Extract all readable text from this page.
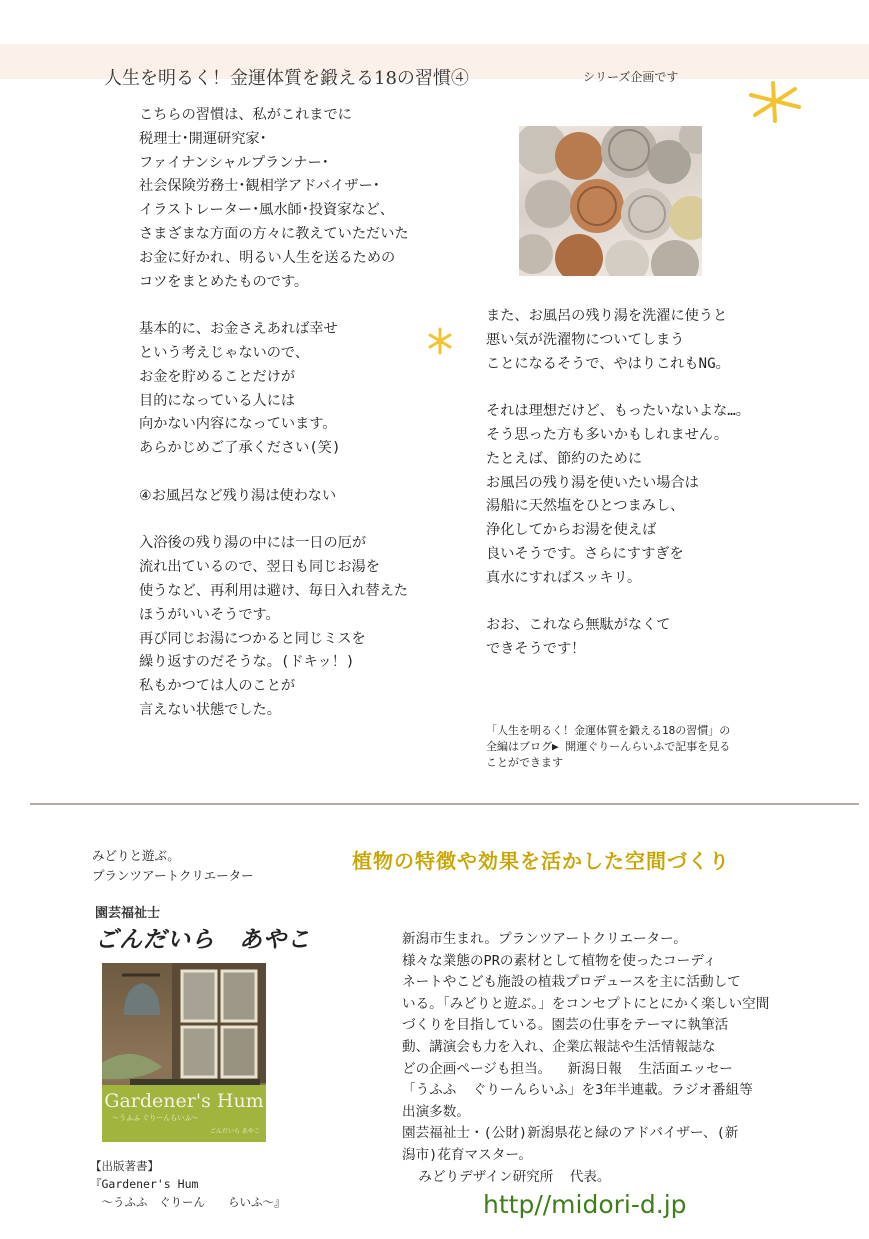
人生を明るく！金運体質を鍛える18の習慣④	シリーズ企画です
こちらの習慣は、私がこれまでに
税理士･開運研究家･
ファイナンシャルプランナー･
社会保険労務士･観相学アドバイザー･
イラストレーター･風水師･投資家など、
さまざまな方面の方々に教えていただいた
お金に好かれ、明るい人生を送るための
コツをまとめたものです。

基本的に、お金さえあれば幸せ
という考えじゃないので、
お金を貯めることだけが
目的になっている人には
向かない内容になっています。
あらかじめご了承ください(笑)

④お風呂など残り湯は使わない

入浴後の残り湯の中には一日の厄が
流れ出ているので、翌日も同じお湯を
使うなど、再利用は避け、毎日入れ替えた
ほうがいいそうです。
再び同じお湯につかると同じミスを
繰り返すのだそうな。(ドキッ！)
私もかつては人のことが
言えない状態でした。
また、お風呂の残り湯を洗濯に使うと
悪い気が洗濯物についてしまう
ことになるそうで、やはりこれもNG。

それは理想だけど、もったいないよな…。
そう思った方も多いかもしれません。
たとえば、節約のために
お風呂の残り湯を使いたい場合は
湯船に天然塩をひとつまみし、
浄化してからお湯を使えば
良いそうです。さらにすすぎを
真水にすればスッキリ。

おお、これなら無駄がなくて
できそうです！
「人生を明るく！金運体質を鍛える18の習慣」の
全編はブログ▶ 開運ぐりーんらいふで記事を見る
ことができます
みどりと遊ぶ。
プランツアートクリエーター
植物の特徴や効果を活かした空間づくり
園芸福祉士
ごんだいら　あやこ
Gardener's Hum
〜うふふ ぐりーんらいふ〜
ごんだいら あやこ
【出版著書】
『Gardener's Hum
　〜うふふ　ぐりーん　　らいふ〜』
新潟市生まれ。プランツアートクリエーター。
様々な業態のPRの素材として植物を使ったコーディ
ネートやこども施設の植栽プロデュースを主に活動して
いる。「みどりと遊ぶ。」をコンセプトにとにかく楽しい空間
づくりを目指している。園芸の仕事をテーマに執筆活
動、講演会も力を入れ、企業広報誌や生活情報誌な
どの企画ページも担当。  新潟日報  生活面エッセー
「うふふ  ぐりーんらいふ」を3年半連載。ラジオ番組等
出演多数。
園芸福祉士・(公財)新潟県花と緑のアドバイザー、(新
潟市)花育マスター。
みどりデザイン研究所  代表。
http//midori-d.jp
